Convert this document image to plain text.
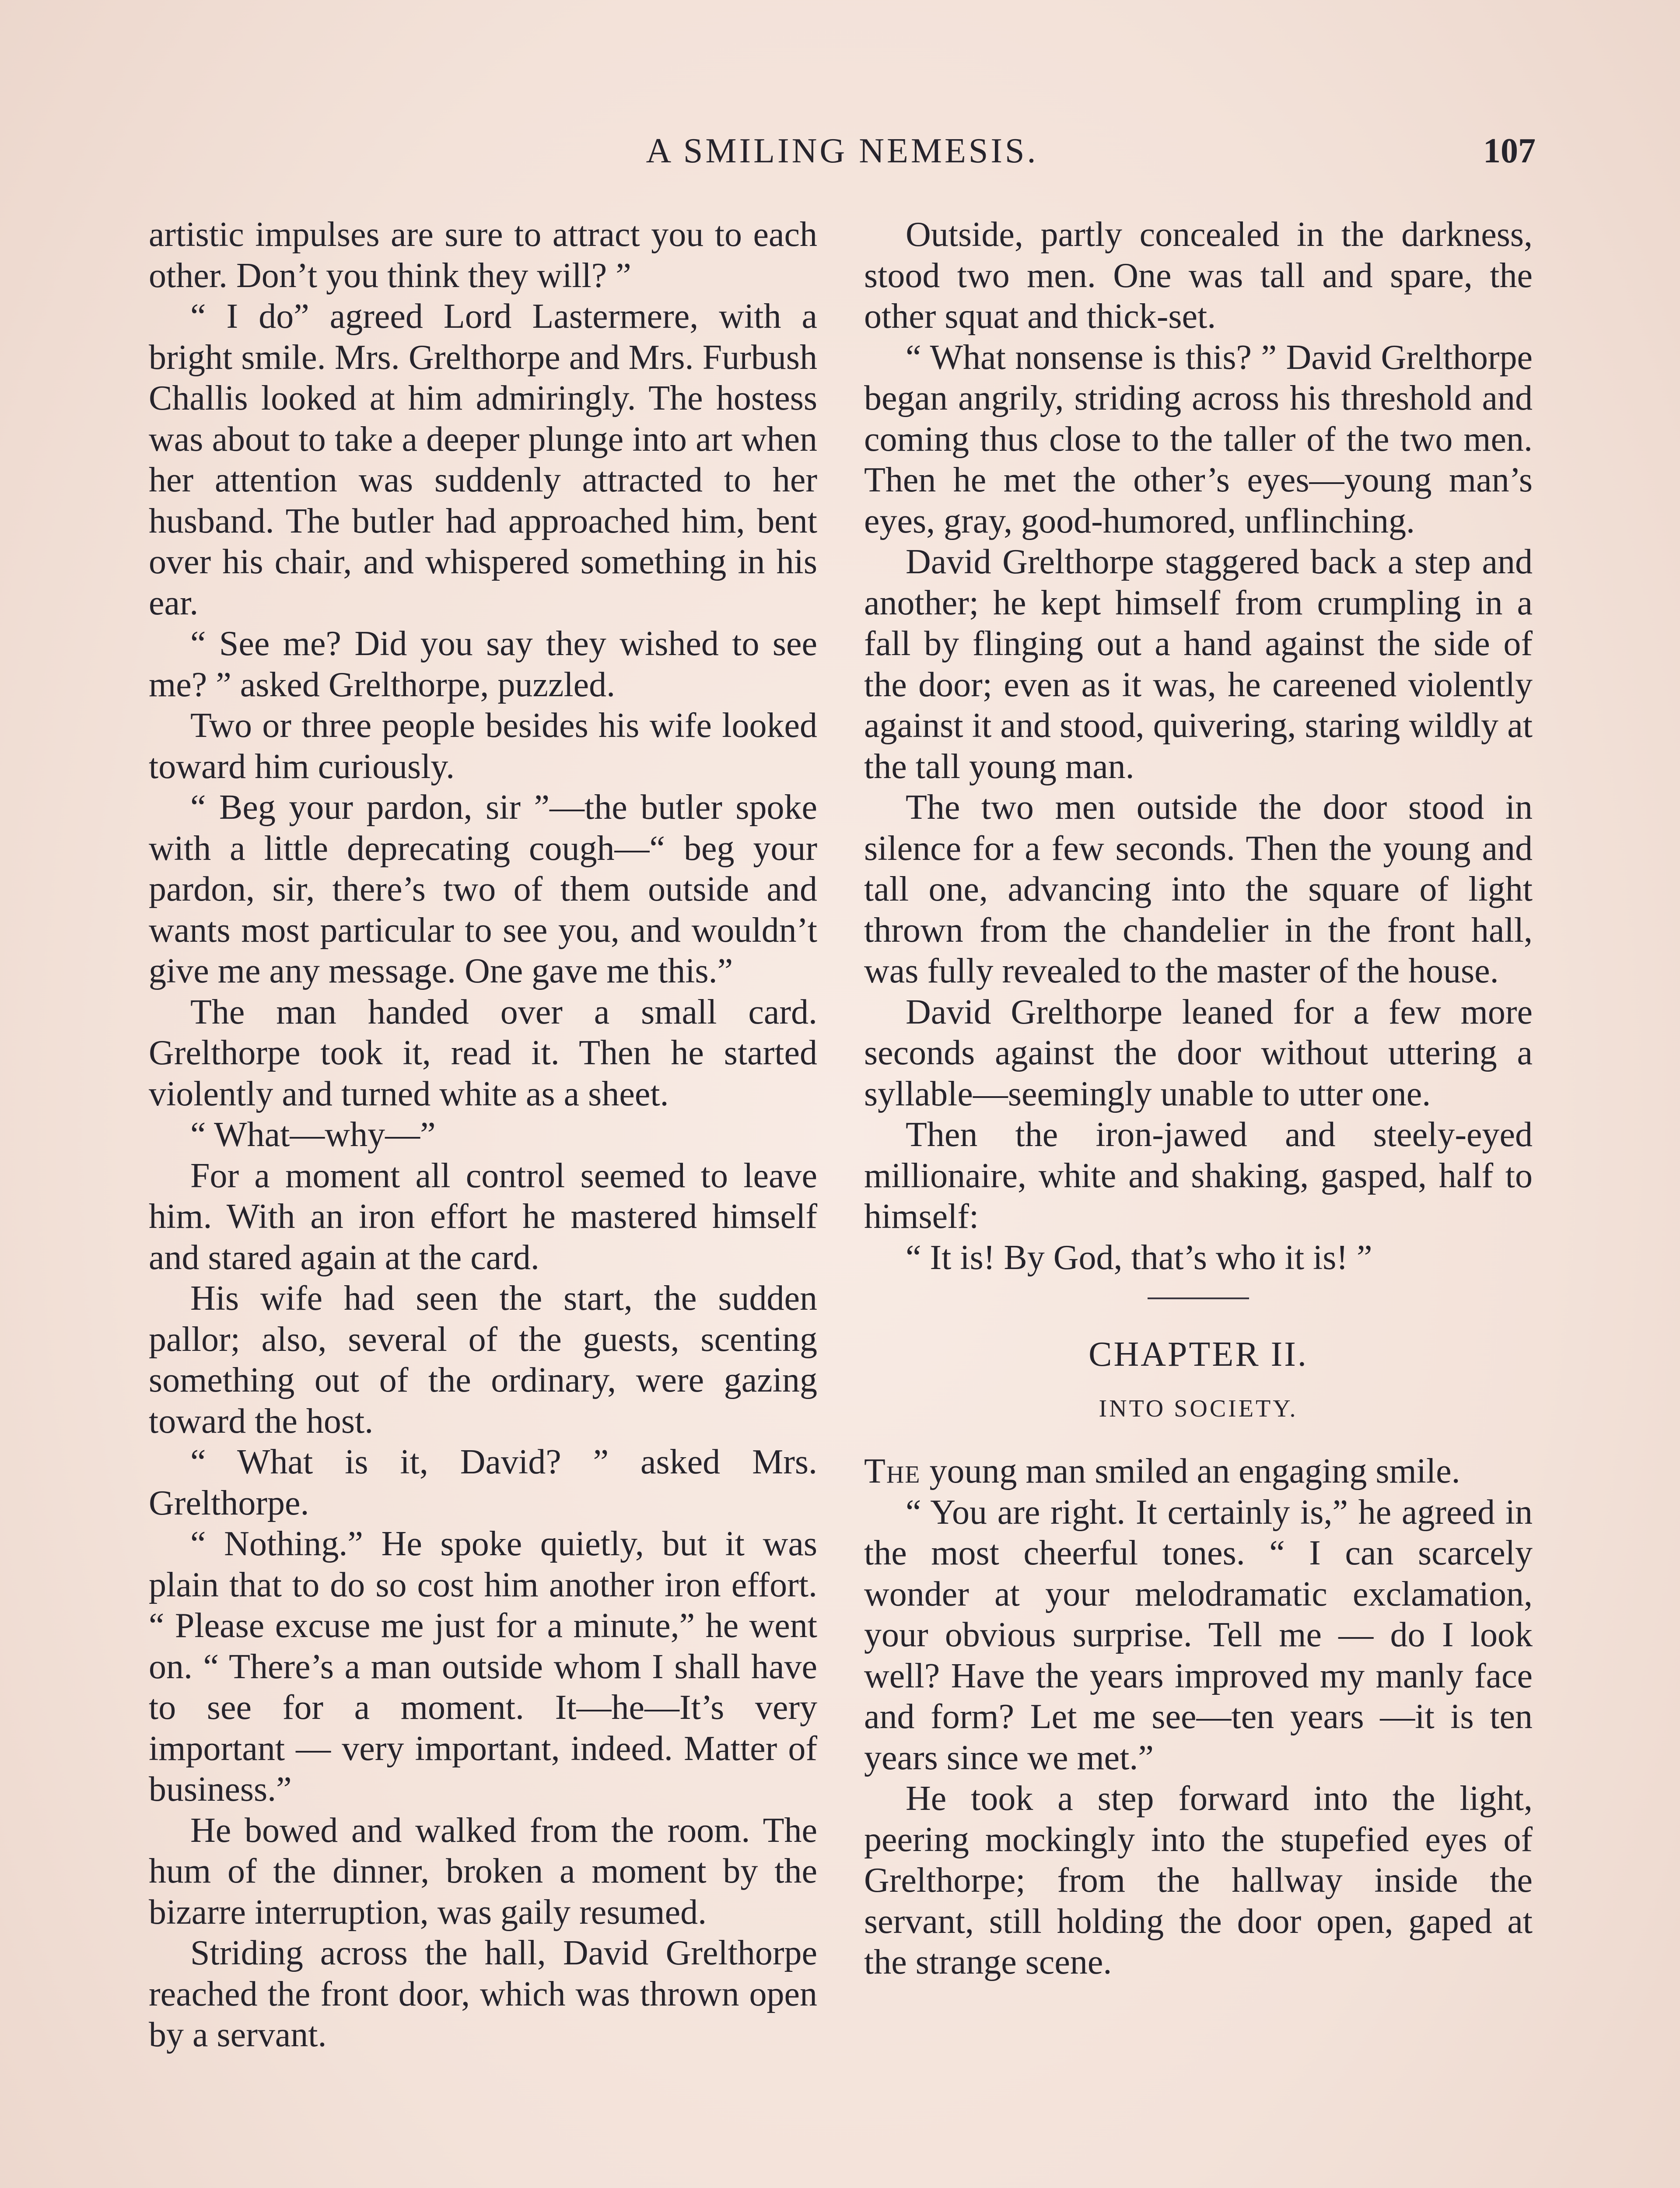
A SMILING NEMESIS.	107

artistic impulses are sure to attract you to each other. Don’t you think they will? ”

“ I do” agreed Lord Lastermere, with a bright smile. Mrs. Grelthorpe and Mrs. Furbush Challis looked at him admiringly. The hostess was about to take a deeper plunge into art when her attention was suddenly attracted to her husband. The butler had approached him, bent over his chair, and whispered something in his ear.

“ See me? Did you say they wished to see me? ” asked Grelthorpe, puzzled.

Two or three people besides his wife looked toward him curiously.

“ Beg your pardon, sir ”—the butler spoke with a little deprecating cough—“ beg your pardon, sir, there’s two of them outside and wants most particular to see you, and wouldn’t give me any message. One gave me this.”

The man handed over a small card. Grelthorpe took it, read it. Then he started violently and turned white as a sheet.

“ What—why—”

For a moment all control seemed to leave him. With an iron effort he mastered himself and stared again at the card.

His wife had seen the start, the sudden pallor; also, several of the guests, scenting something out of the ordinary, were gazing toward the host.

“ What is it, David? ” asked Mrs. Grelthorpe.

“ Nothing.” He spoke quietly, but it was plain that to do so cost him another iron effort. “ Please excuse me just for a minute,” he went on. “ There’s a man outside whom I shall have to see for a moment. It—he—It’s very important — very important, indeed. Matter of business.”

He bowed and walked from the room. The hum of the dinner, broken a moment by the bizarre interruption, was gaily resumed.

Striding across the hall, David Grelthorpe reached the front door, which was thrown open by a servant.

Outside, partly concealed in the darkness, stood two men. One was tall and spare, the other squat and thick-set.

“ What nonsense is this? ” David Grelthorpe began angrily, striding across his threshold and coming thus close to the taller of the two men. Then he met the other’s eyes—young man’s eyes, gray, good-humored, unflinching.

David Grelthorpe staggered back a step and another; he kept himself from crumpling in a fall by flinging out a hand against the side of the door; even as it was, he careened violently against it and stood, quivering, staring wildly at the tall young man.

The two men outside the door stood in silence for a few seconds. Then the young and tall one, advancing into the square of light thrown from the chandelier in the front hall, was fully revealed to the master of the house.

David Grelthorpe leaned for a few more seconds against the door without uttering a syllable—seemingly unable to utter one.

Then the iron-jawed and steely-eyed millionaire, white and shaking, gasped, half to himself:

“ It is! By God, that’s who it is! ”

CHAPTER II.
INTO SOCIETY.

The young man smiled an engaging smile.

“ You are right. It certainly is,” he agreed in the most cheerful tones. “ I can scarcely wonder at your melodramatic exclamation, your obvious surprise. Tell me — do I look well? Have the years improved my manly face and form? Let me see—ten years —it is ten years since we met.”

He took a step forward into the light, peering mockingly into the stupefied eyes of Grelthorpe; from the hallway inside the servant, still holding the door open, gaped at the strange scene.
